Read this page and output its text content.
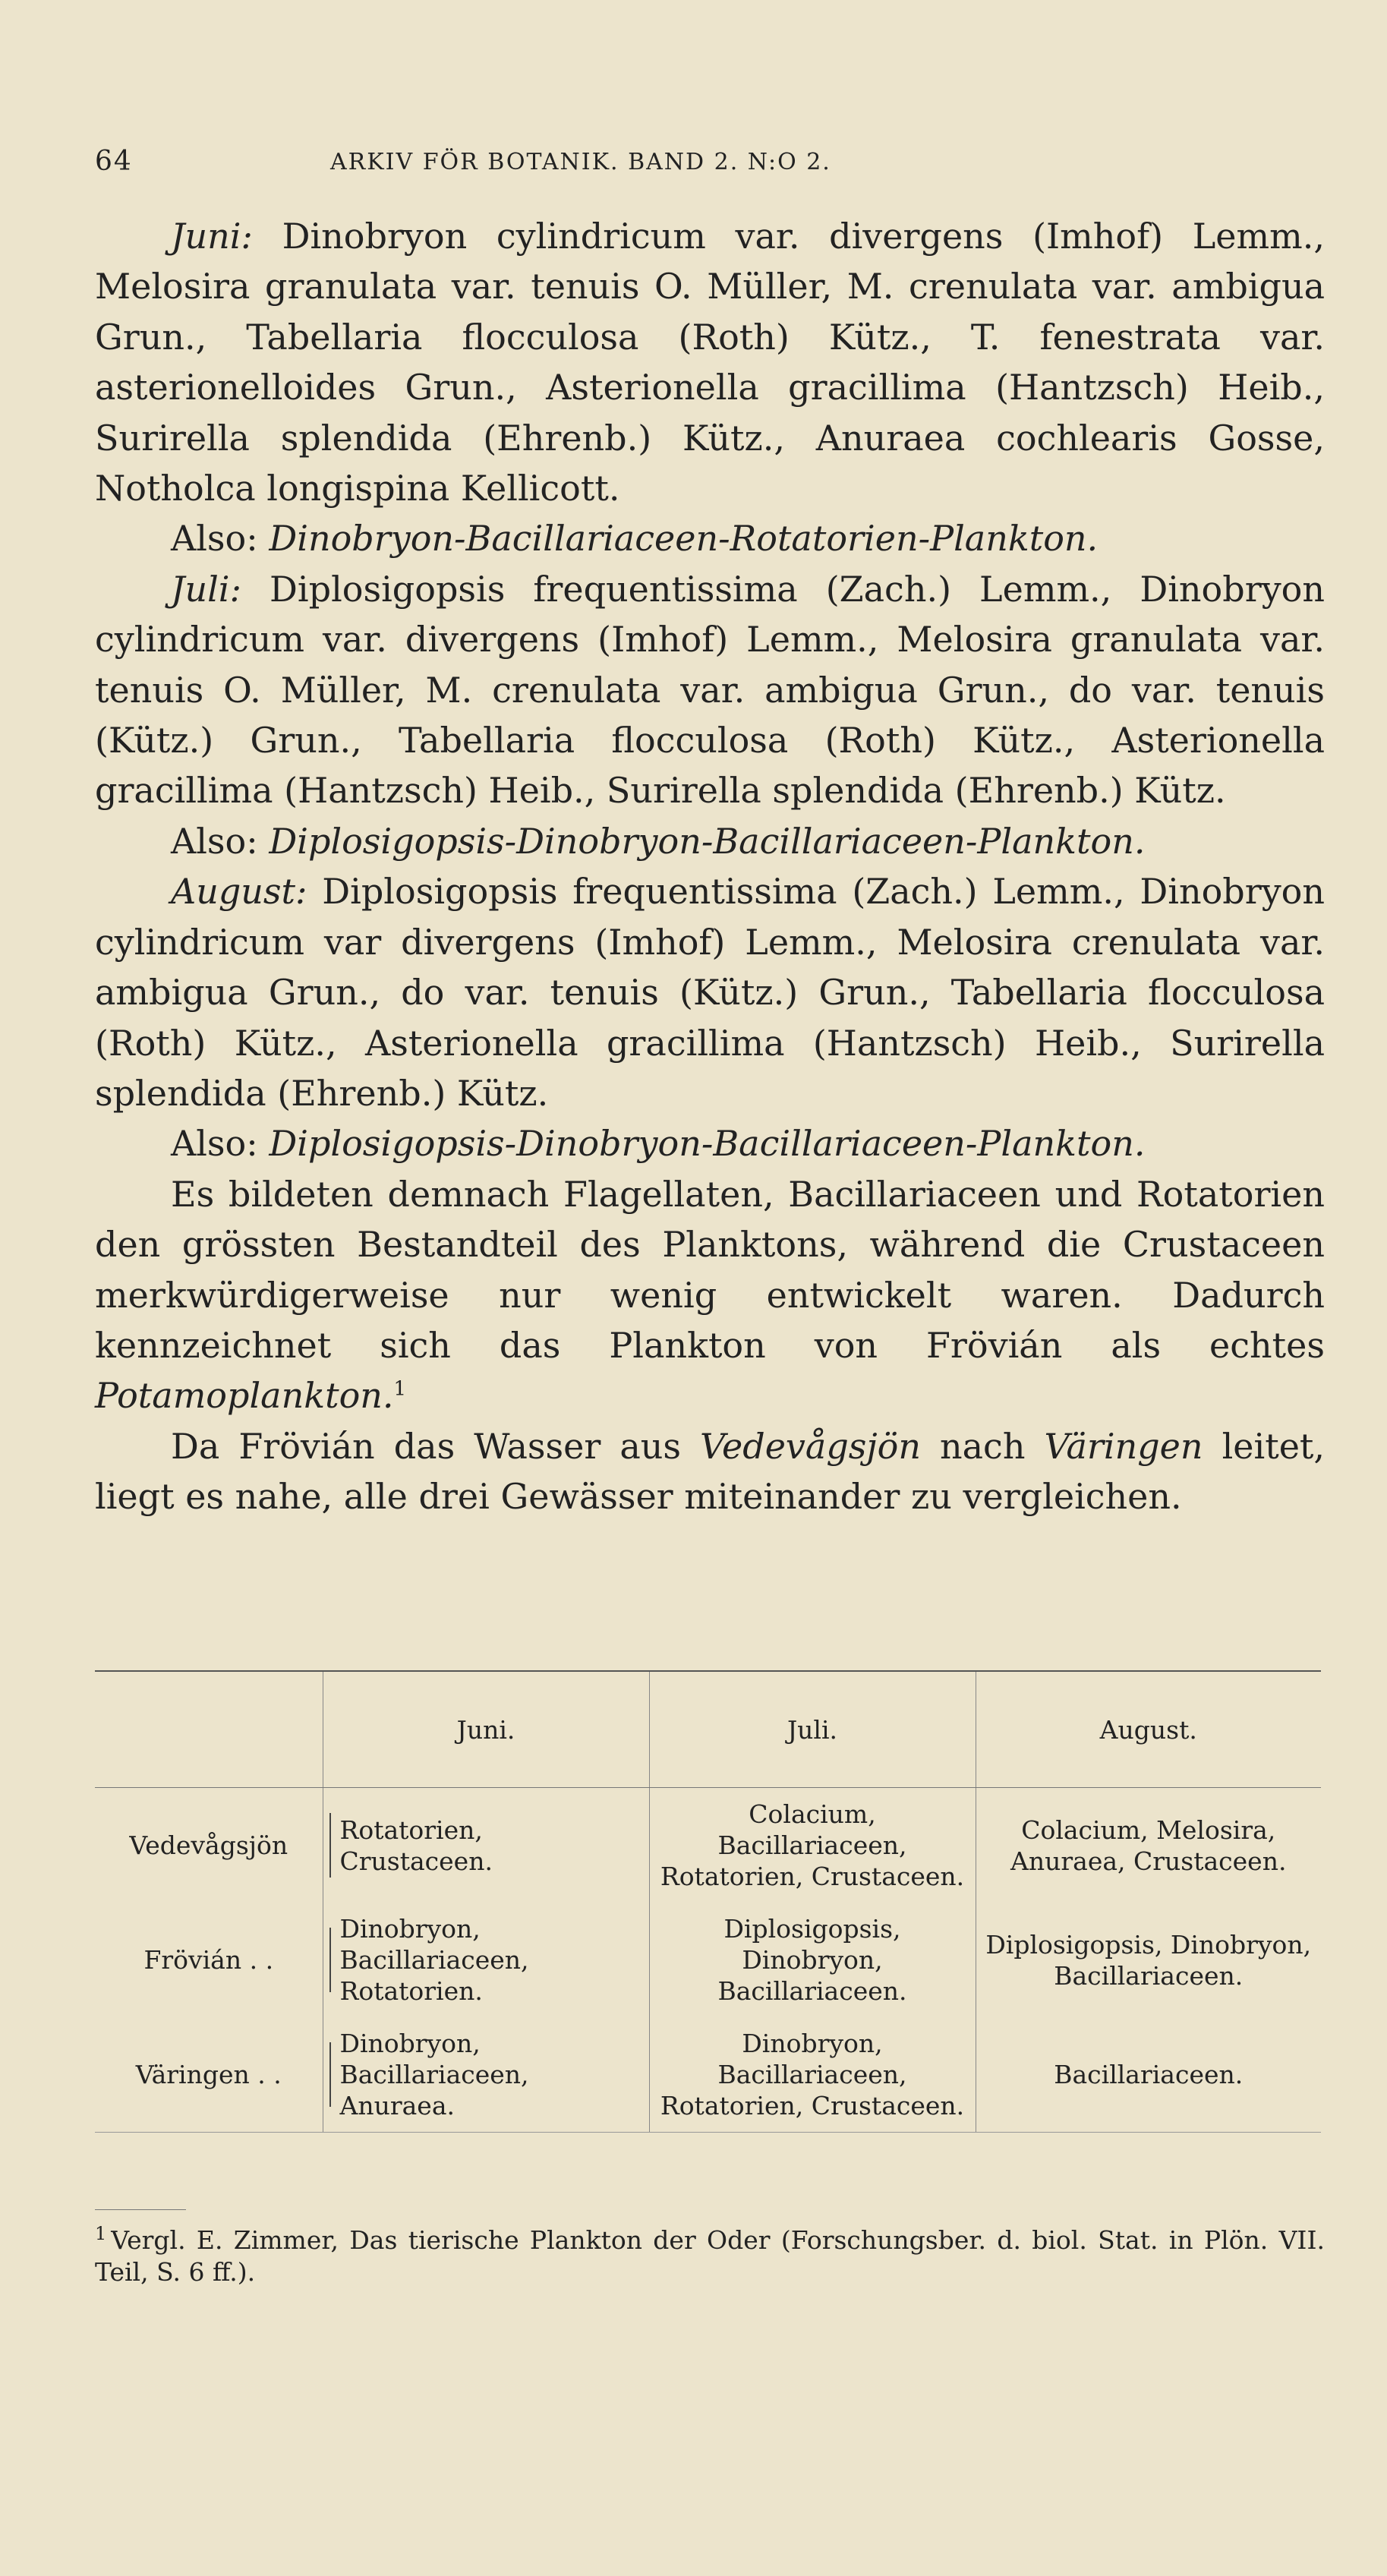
64	ARKIV FÖR BOTANIK. BAND 2. N:O 2.

Juni: Dinobryon cylindricum var. divergens (Imhof) Lemm., Melosira granulata var. tenuis O. Müller, M. crenulata var. ambigua Grun., Tabellaria flocculosa (Roth) Kütz., T. fenestrata var. asterionelloides Grun., Asterionella gracillima (Hantzsch) Heib., Surirella splendida (Ehrenb.) Kütz., Anuraea cochlearis Gosse, Notholca longispina Kellicott.

Also: Dinobryon-Bacillariaceen-Rotatorien-Plankton.

Juli: Diplosigopsis frequentissima (Zach.) Lemm., Dinobryon cylindricum var. divergens (Imhof) Lemm., Melosira granulata var. tenuis O. Müller, M. crenulata var. ambigua Grun., do var. tenuis (Kütz.) Grun., Tabellaria flocculosa (Roth) Kütz., Asterionella gracillima (Hantzsch) Heib., Surirella splendida (Ehrenb.) Kütz.

Also: Diplosigopsis-Dinobryon-Bacillariaceen-Plankton.

August: Diplosigopsis frequentissima (Zach.) Lemm., Dinobryon cylindricum var divergens (Imhof) Lemm., Melosira crenulata var. ambigua Grun., do var. tenuis (Kütz.) Grun., Tabellaria flocculosa (Roth) Kütz., Asterionella gracillima (Hantzsch) Heib., Surirella splendida (Ehrenb.) Kütz.

Also: Diplosigopsis-Dinobryon-Bacillariaceen-Plankton.

Es bildeten demnach Flagellaten, Bacillariaceen und Rotatorien den grössten Bestandteil des Planktons, während die Crustaceen merkwürdigerweise nur wenig entwickelt waren. Dadurch kennzeichnet sich das Plankton von Frövián als echtes Potamoplankton.$^1$

Da Frövián das Wasser aus Vedevågsjön nach Väringen leitet, liegt es nahe, alle drei Gewässer miteinander zu vergleichen.

	Juni.	Juli.	August.
Vedevågsjön	Rotatorien, Crustaceen.	Colacium, Bacillariaceen, Rotatorien, Crustaceen.	Colacium, Melosira, Anuraea, Crustaceen.
Frövián . .	Dinobryon, Bacillariaceen, Rotatorien.	Diplosigopsis, Dinobryon, Bacillariaceen.	Diplosigopsis, Dinobryon, Bacillariaceen.
Väringen . .	Dinobryon, Bacillariaceen, Anuraea.	Dinobryon, Bacillariaceen, Rotatorien, Crustaceen.	Bacillariaceen.
$^1$ Vergl. E. Zimmer, Das tierische Plankton der Oder (Forschungsber. d. biol. Stat. in Plön. VII. Teil, S. 6 ff.).
